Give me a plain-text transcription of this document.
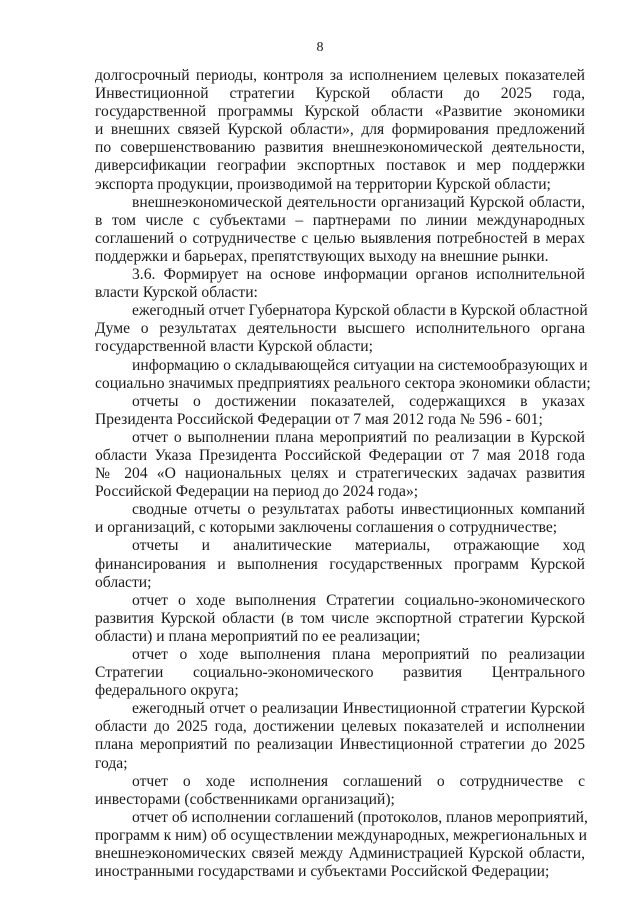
8
долгосрочный периоды, контроля за исполнением целевых показателей
Инвестиционной стратегии Курской области до 2025 года,
государственной программы Курской области «Развитие экономики
и внешних связей Курской области», для формирования предложений
по совершенствованию развития внешнеэкономической деятельности,
диверсификации географии экспортных поставок и мер поддержки
экспорта продукции, производимой на территории Курской области;
внешнеэкономической деятельности организаций Курской области,
в том числе с субъектами – партнерами по линии международных
соглашений о сотрудничестве с целью выявления потребностей в мерах
поддержки и барьерах, препятствующих выходу на внешние рынки.
3.6. Формирует на основе информации органов исполнительной
власти Курской области:
ежегодный отчет Губернатора Курской области в Курской областной
Думе о результатах деятельности высшего исполнительного органа
государственной власти Курской области;
информацию о складывающейся ситуации на системообразующих и
социально значимых предприятиях реального сектора экономики области;
отчеты о достижении показателей, содержащихся в указах
Президента Российской Федерации от 7 мая 2012 года № 596 - 601;
отчет о выполнении плана мероприятий по реализации в Курской
области Указа Президента Российской Федерации от 7 мая 2018 года
№ 204 «О национальных целях и стратегических задачах развития
Российской Федерации на период до 2024 года»;
сводные отчеты о результатах работы инвестиционных компаний
и организаций, с которыми заключены соглашения о сотрудничестве;
отчеты и аналитические материалы, отражающие ход
финансирования и выполнения государственных программ Курской
области;
отчет о ходе выполнения Стратегии социально-экономического
развития Курской области (в том числе экспортной стратегии Курской
области) и плана мероприятий по ее реализации;
отчет о ходе выполнения плана мероприятий по реализации
Стратегии социально-экономического развития Центрального
федерального округа;
ежегодный отчет о реализации Инвестиционной стратегии Курской
области до 2025 года, достижении целевых показателей и исполнении
плана мероприятий по реализации Инвестиционной стратегии до 2025
года;
отчет о ходе исполнения соглашений о сотрудничестве с
инвесторами (собственниками организаций);
отчет об исполнении соглашений (протоколов, планов мероприятий,
программ к ним) об осуществлении международных, межрегиональных и
внешнеэкономических связей между Администрацией Курской области,
иностранными государствами и субъектами Российской Федерации;
